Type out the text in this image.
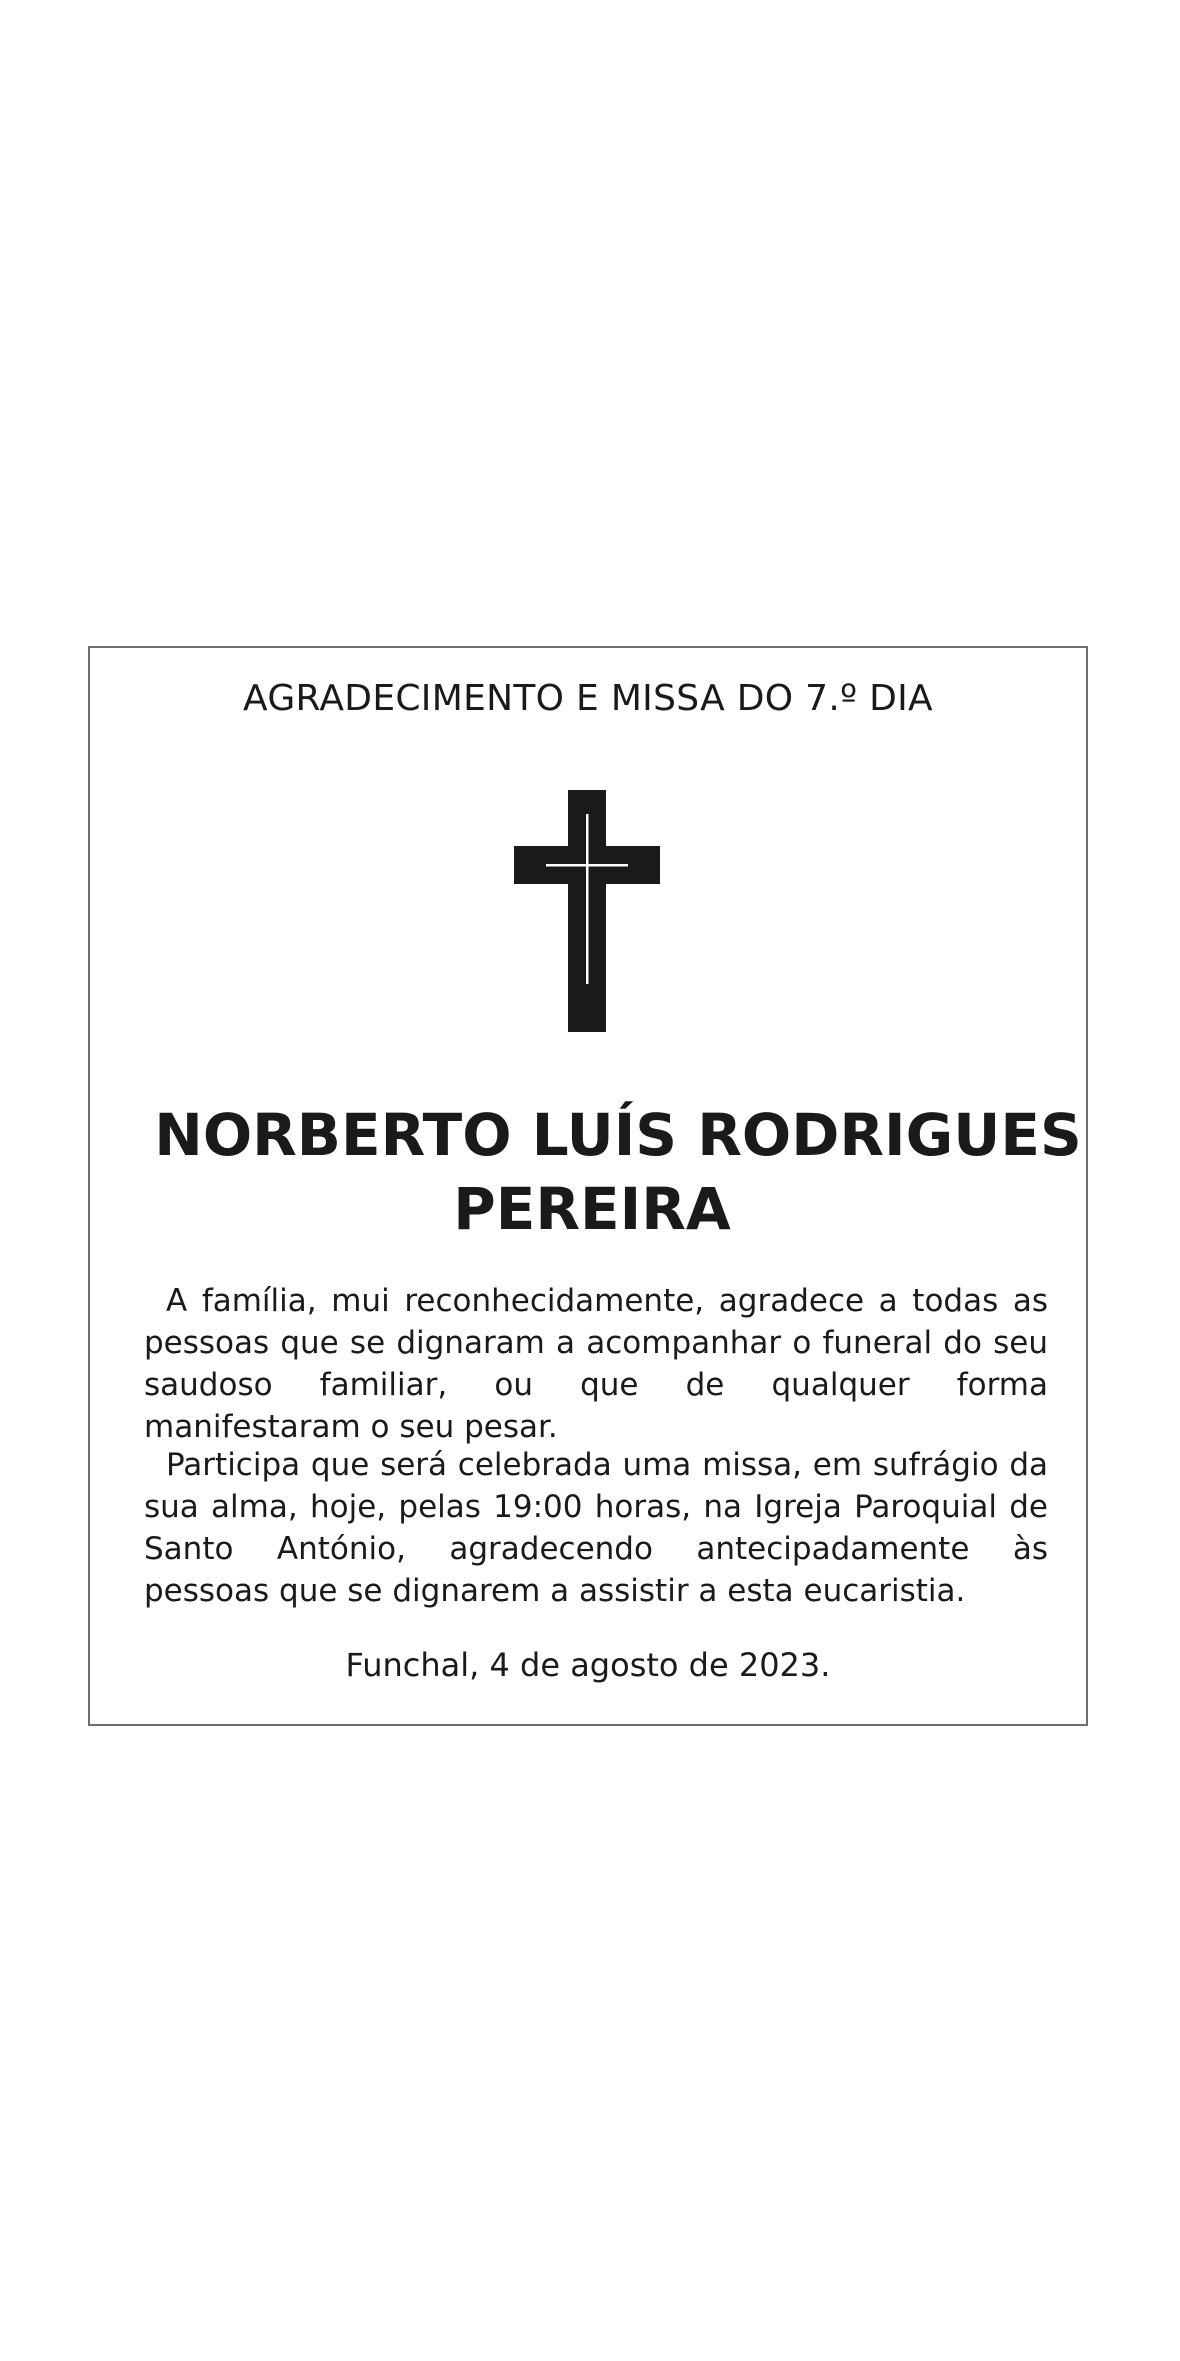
AGRADECIMENTO E MISSA DO 7.º DIA
NORBERTO LUÍS RODRIGUES
PEREIRA

A família, mui reconhecidamente, agradece a todas as pessoas que se dignaram a acompanhar o funeral do seu saudoso familiar, ou que de qualquer forma manifestaram o seu pesar.

Participa que será celebrada uma missa, em sufrágio da sua alma, hoje, pelas 19:00 horas, na Igreja Paroquial de Santo António, agradecendo antecipadamente às pessoas que se dignarem a assistir a esta eucaristia.

Funchal, 4 de agosto de 2023.
